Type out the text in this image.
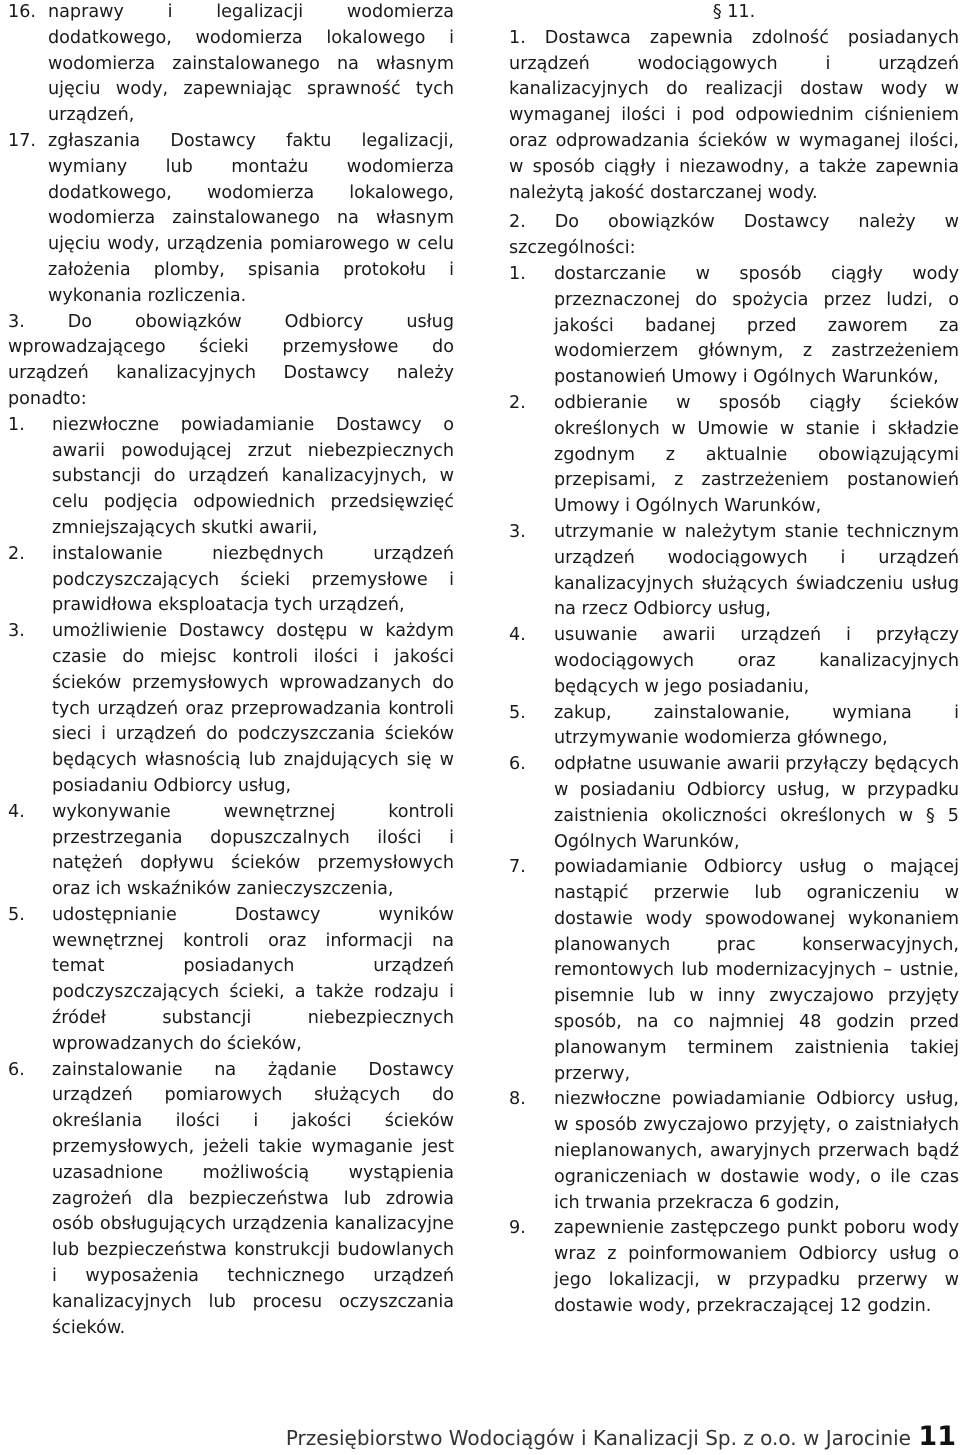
16. naprawy i legalizacji wodomierza dodatkowego, wodomierza lokalowego i wodomierza zainstalowanego na własnym ujęciu wody, zapewniając sprawność tych urządzeń,
17. zgłaszania Dostawcy faktu legalizacji, wymiany lub montażu wodomierza dodatkowego, wodomierza lokalowego, wodomierza zainstalowanego na własnym ujęciu wody, urządzenia pomiarowego w celu założenia plomby, spisania protokołu i wykonania rozliczenia.
3. Do obowiązków Odbiorcy usług wprowadzającego ścieki przemysłowe do urządzeń kanalizacyjnych Dostawcy należy ponadto:
1.	niezwłoczne powiadamianie Dostawcy o awarii powodującej zrzut niebezpiecznych substancji do urządzeń kanalizacyjnych, w celu podjęcia odpowiednich przedsięwzięć zmniejszających skutki awarii,
2.	instalowanie niezbędnych urządzeń podczyszczających ścieki przemysłowe i prawidłowa eksploatacja tych urządzeń,
3.	umożliwienie Dostawcy dostępu w każdym czasie do miejsc kontroli ilości i jakości ścieków przemysłowych wprowadzanych do tych urządzeń oraz przeprowadzania kontroli sieci i urządzeń do podczyszczania ścieków będących własnością lub znajdujących się w posiadaniu Odbiorcy usług,
4.	wykonywanie wewnętrznej kontroli przestrzegania dopuszczalnych ilości i natężeń dopływu ścieków przemysłowych oraz ich wskaźników zanieczyszczenia,
5.	udostępnianie Dostawcy wyników wewnętrznej kontroli oraz informacji na temat posiadanych urządzeń podczyszczających ścieki, a także rodzaju i źródeł substancji niebezpiecznych wprowadzanych do ścieków,
6.	zainstalowanie na żądanie Dostawcy urządzeń pomiarowych służących do określania ilości i jakości ścieków przemysłowych, jeżeli takie wymaganie jest uzasadnione możliwością wystąpienia zagrożeń dla bezpieczeństwa lub zdrowia osób obsługujących urządzenia kanalizacyjne lub bezpieczeństwa konstrukcji budowlanych i wyposażenia technicznego urządzeń kanalizacyjnych lub procesu oczyszczania ścieków.
§ 11.
1. Dostawca zapewnia zdolność posiadanych urządzeń wodociągowych i urządzeń kanalizacyjnych do realizacji dostaw wody w wymaganej ilości i pod odpowiednim ciśnieniem oraz odprowadzania ścieków w wymaganej ilości, w sposób ciągły i niezawodny, a także zapewnia należytą jakość dostarczanej wody.
2. Do obowiązków Dostawcy należy w szczególności:
1.	dostarczanie w sposób ciągły wody przeznaczonej do spożycia przez ludzi, o jakości badanej przed zaworem za wodomierzem głównym, z zastrzeżeniem postanowień Umowy i Ogólnych Warunków,
2.	odbieranie w sposób ciągły ścieków określonych w Umowie w stanie i składzie zgodnym z aktualnie obowiązującymi przepisami, z zastrzeżeniem postanowień Umowy i Ogólnych Warunków,
3.	utrzymanie w należytym stanie technicznym urządzeń wodociągowych i urządzeń kanalizacyjnych służących świadczeniu usług na rzecz Odbiorcy usług,
4.	usuwanie awarii urządzeń i przyłączy wodociągowych oraz kanalizacyjnych będących w jego posiadaniu,
5.	zakup, zainstalowanie, wymiana i utrzymywanie wodomierza głównego,
6.	odpłatne usuwanie awarii przyłączy będących w posiadaniu Odbiorcy usług, w przypadku zaistnienia okoliczności określonych w § 5 Ogólnych Warunków,
7.	powiadamianie Odbiorcy usług o mającej nastąpić przerwie lub ograniczeniu w dostawie wody spowodowanej wykonaniem planowanych prac konserwacyjnych, remontowych lub modernizacyjnych – ustnie, pisemnie lub w inny zwyczajowo przyjęty sposób, na co najmniej 48 godzin przed planowanym terminem zaistnienia takiej przerwy,
8.	niezwłoczne powiadamianie Odbiorcy usług, w sposób zwyczajowo przyjęty, o zaistniałych nieplanowanych, awaryjnych przerwach bądź ograniczeniach w dostawie wody, o ile czas ich trwania przekracza 6 godzin,
9.	zapewnienie zastępczego punkt poboru wody wraz z poinformowaniem Odbiorcy usług o jego lokalizacji, w przypadku przerwy w dostawie wody, przekraczającej 12 godzin.
Przesiębiorstwo Wodociągów i Kanalizacji Sp. z o.o. w Jarocinie 11
